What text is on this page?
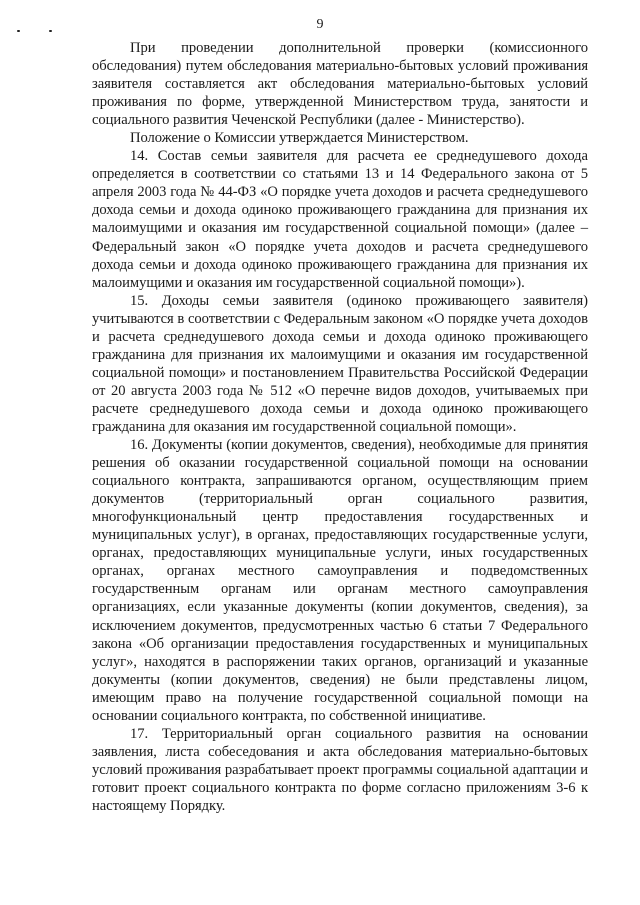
9

При проведении дополнительной проверки (комиссионного обследования) путем обследования материально-бытовых условий проживания заявителя составляется акт обследования материально-бытовых условий проживания по форме, утвержденной Министерством труда, занятости и социального развития Чеченской Республики (далее - Министерство).

Положение о Комиссии утверждается Министерством.

14. Состав семьи заявителя для расчета ее среднедушевого дохода определяется в соответствии со статьями 13 и 14 Федерального закона от 5 апреля 2003 года № 44-ФЗ «О порядке учета доходов и расчета среднедушевого дохода семьи и дохода одиноко проживающего гражданина для признания их малоимущими и оказания им государственной социальной помощи» (далее – Федеральный закон «О порядке учета доходов и расчета среднедушевого дохода семьи и дохода одиноко проживающего гражданина для признания их малоимущими и оказания им государственной социальной помощи»).

15. Доходы семьи заявителя (одиноко проживающего заявителя) учитываются в соответствии с Федеральным законом «О порядке учета доходов и расчета среднедушевого дохода семьи и дохода одиноко проживающего гражданина для признания их малоимущими и оказания им государственной социальной помощи» и постановлением Правительства Российской Федерации от 20 августа 2003 года № 512 «О перечне видов доходов, учитываемых при расчете среднедушевого дохода семьи и дохода одиноко проживающего гражданина для оказания им государственной социальной помощи».

16. Документы (копии документов, сведения), необходимые для принятия решения об оказании государственной социальной помощи на основании социального контракта, запрашиваются органом, осуществляющим прием документов (территориальный орган социального развития, многофункциональный центр предоставления государственных и муниципальных услуг), в органах, предоставляющих государственные услуги, органах, предоставляющих муниципальные услуги, иных государственных органах, органах местного самоуправления и подведомственных государственным органам или органам местного самоуправления организациях, если указанные документы (копии документов, сведения), за исключением документов, предусмотренных частью 6 статьи 7 Федерального закона «Об организации предоставления государственных и муниципальных услуг», находятся в распоряжении таких органов, организаций и указанные документы (копии документов, сведения) не были представлены лицом, имеющим право на получение государственной социальной помощи на основании социального контракта, по собственной инициативе.

17. Территориальный орган социального развития на основании заявления, листа собеседования и акта обследования материально-бытовых условий проживания разрабатывает проект программы социальной адаптации и готовит проект социального контракта по форме согласно приложениям 3-6 к настоящему Порядку.
